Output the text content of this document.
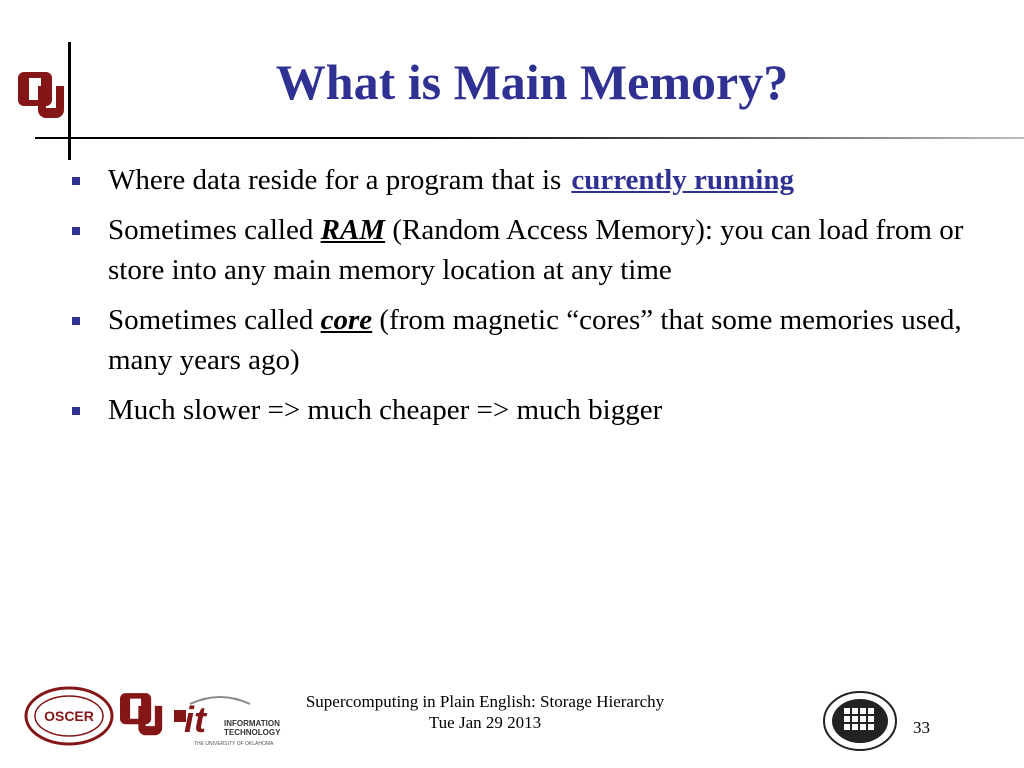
What is Main Memory?
Where data reside for a program that is currently running
Sometimes called RAM (Random Access Memory): you can load from or store into any main memory location at any time
Sometimes called core (from magnetic “cores” that some memories used, many years ago)
Much slower => much cheaper => much bigger
OSCER	it INFORMATION
TECHNOLOGY
THE UNIVERSITY OF OKLAHOMA
Supercomputing in Plain English: Storage Hierarchy
Tue Jan 29 2013	33
